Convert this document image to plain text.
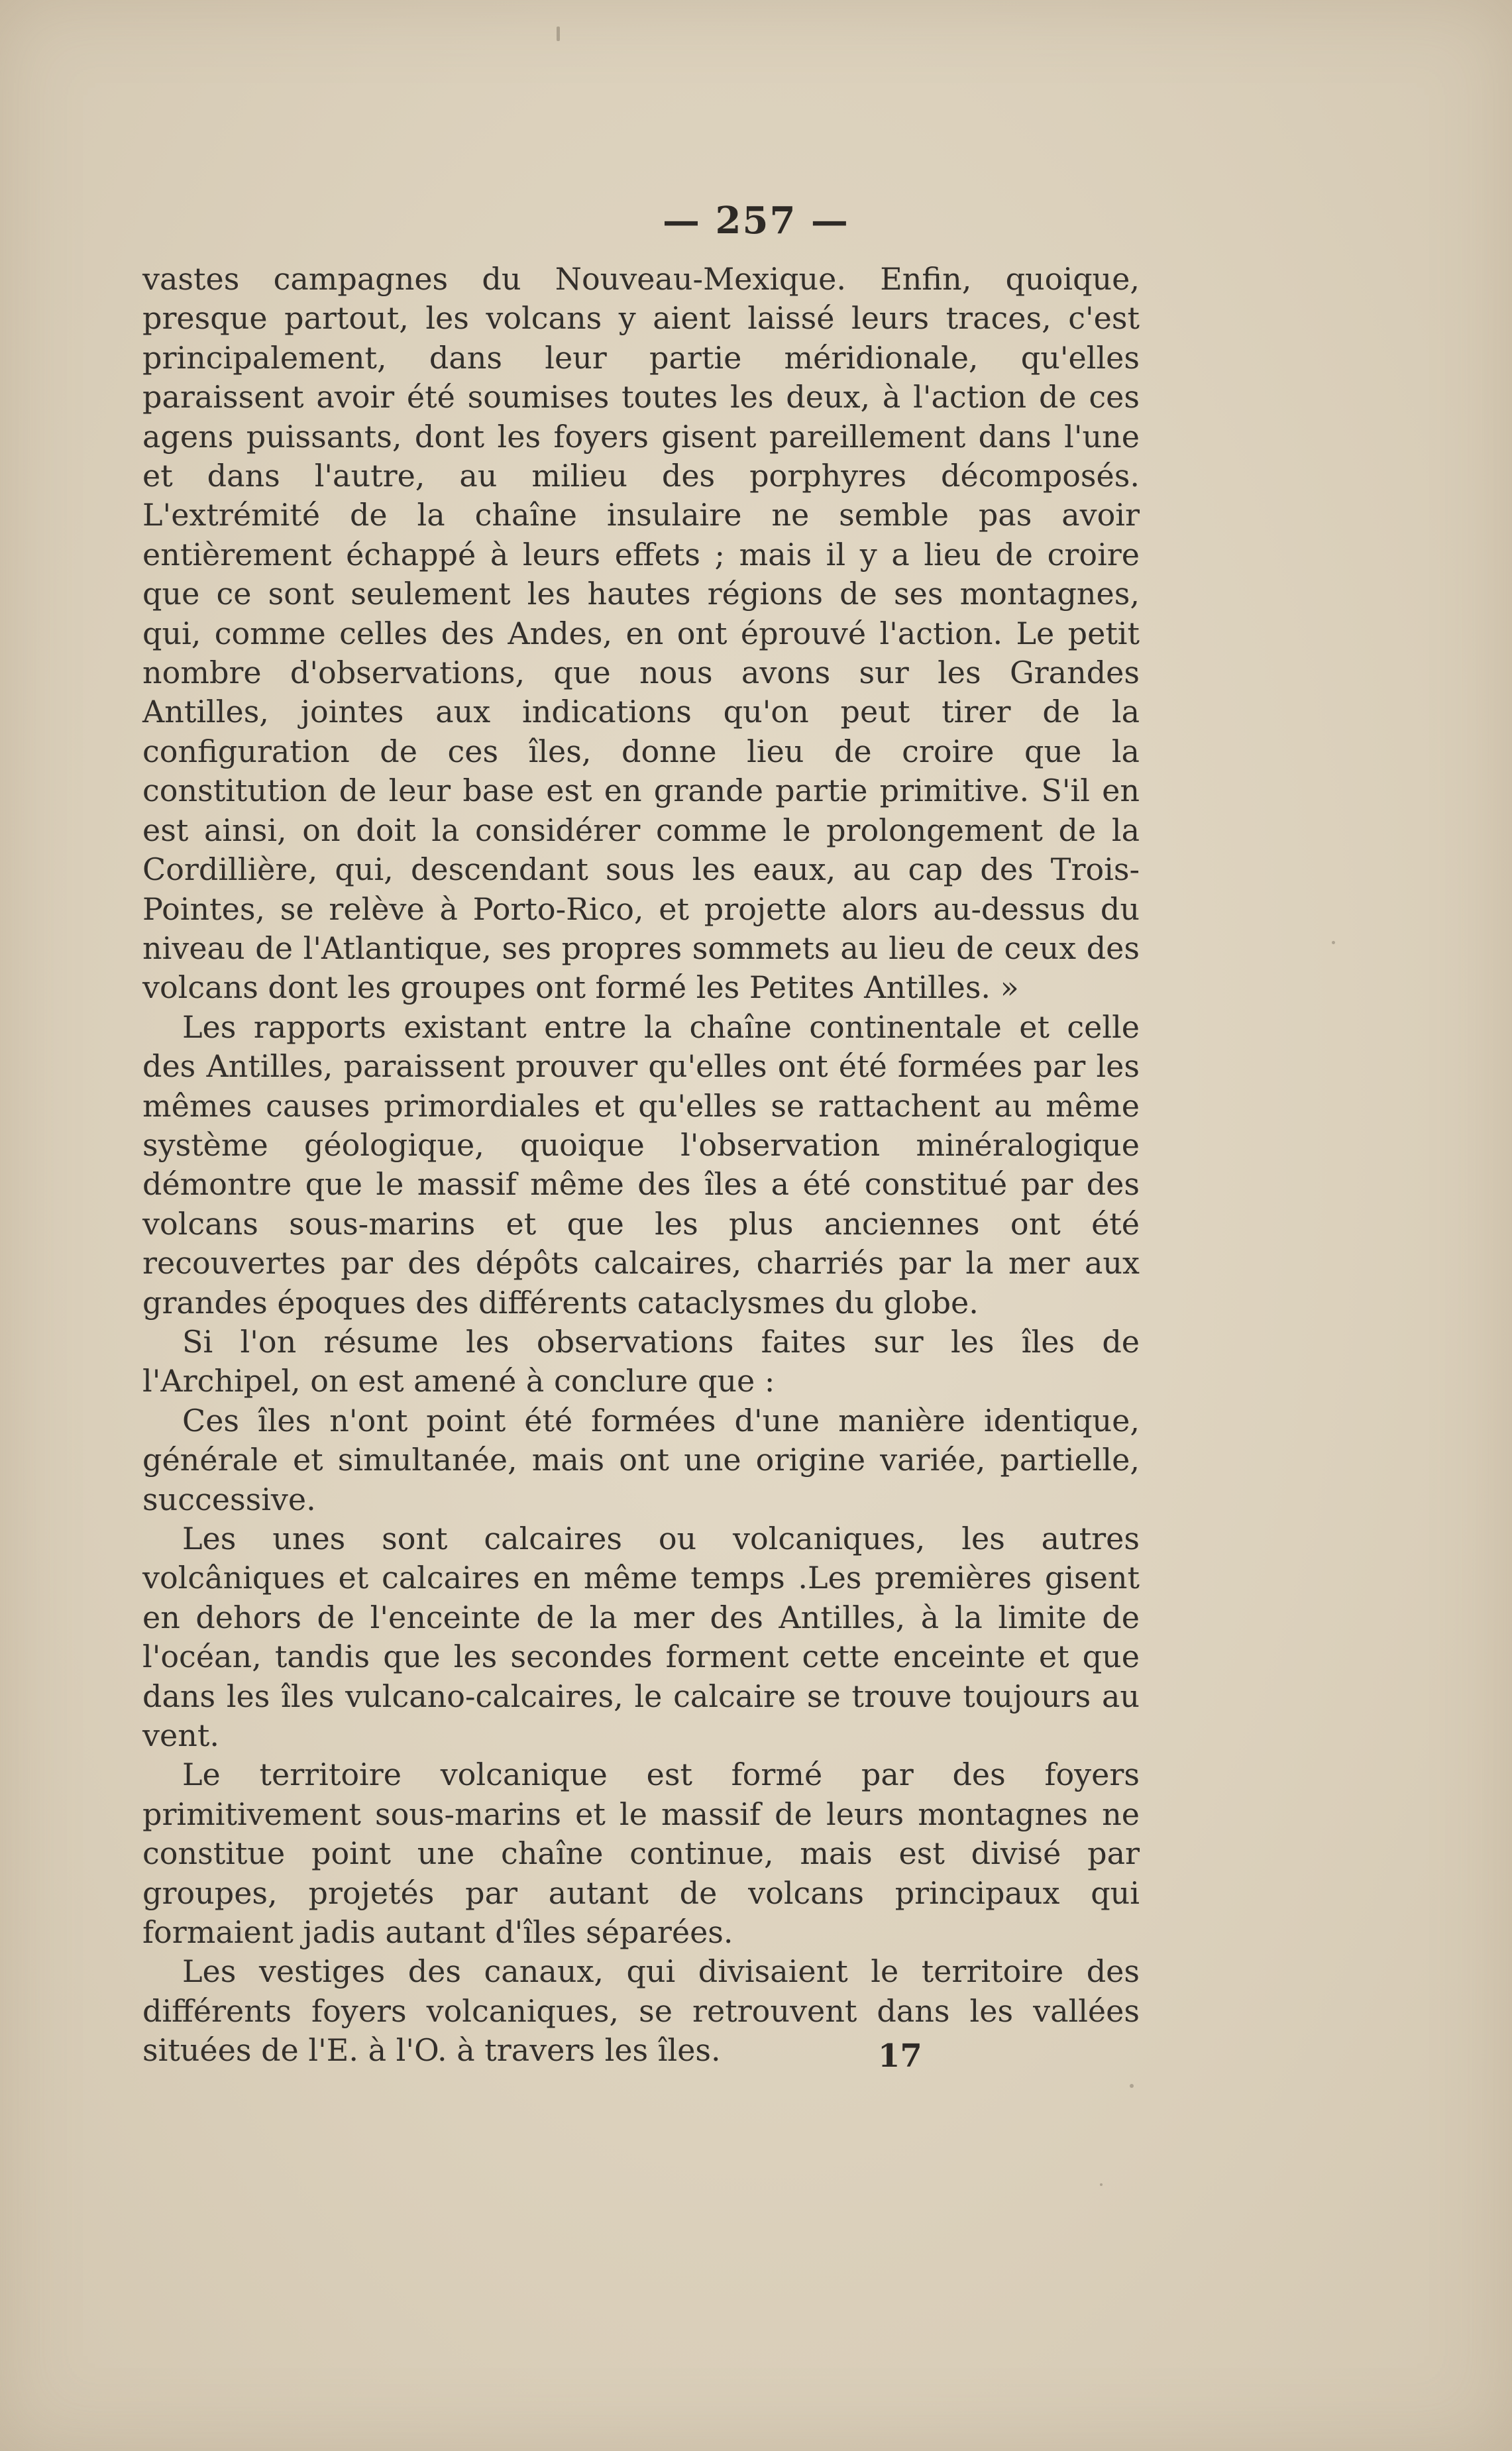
— 257 —

vastes campagnes du Nouveau-Mexique. Enfin, quoique, presque partout, les volcans y aient laissé leurs traces, c'est principalement, dans leur partie méridionale, qu'elles paraissent avoir été soumises toutes les deux, à l'action de ces agens puissants, dont les foyers gisent pareillement dans l'une et dans l'autre, au milieu des porphyres décomposés. L'extrémité de la chaîne insulaire ne semble pas avoir entièrement échappé à leurs effets ; mais il y a lieu de croire que ce sont seulement les hautes régions de ses montagnes, qui, comme celles des Andes, en ont éprouvé l'action. Le petit nombre d'observations, que nous avons sur les Grandes Antilles, jointes aux indications qu'on peut tirer de la configuration de ces îles, donne lieu de croire que la constitution de leur base est en grande partie primitive. S'il en est ainsi, on doit la considérer comme le prolongement de la Cordillière, qui, descendant sous les eaux, au cap des Trois-Pointes, se relève à Porto-Rico, et projette alors au-dessus du niveau de l'Atlantique, ses propres sommets au lieu de ceux des volcans dont les groupes ont formé les Petites Antilles. »

Les rapports existant entre la chaîne continentale et celle des Antilles, paraissent prouver qu'elles ont été formées par les mêmes causes primordiales et qu'elles se rattachent au même système géologique, quoique l'observation minéralogique démontre que le massif même des îles a été constitué par des volcans sous-marins et que les plus anciennes ont été recouvertes par des dépôts calcaires, charriés par la mer aux grandes époques des différents cataclysmes du globe.

Si l'on résume les observations faites sur les îles de l'Archipel, on est amené à conclure que :

Ces îles n'ont point été formées d'une manière identique, générale et simultanée, mais ont une origine variée, partielle, successive.

Les unes sont calcaires ou volcaniques, les autres volcâniques et calcaires en même temps .Les premières gisent en dehors de l'enceinte de la mer des Antilles, à la limite de l'océan, tandis que les secondes forment cette enceinte et que dans les îles vulcano-calcaires, le calcaire se trouve toujours au vent.

Le territoire volcanique est formé par des foyers primitivement sous-marins et le massif de leurs montagnes ne constitue point une chaîne continue, mais est divisé par groupes, projetés par autant de volcans principaux qui formaient jadis autant d'îles séparées.

Les vestiges des canaux, qui divisaient le territoire des différents foyers volcaniques, se retrouvent dans les vallées situées de l'E. à l'O. à travers les îles.	17
